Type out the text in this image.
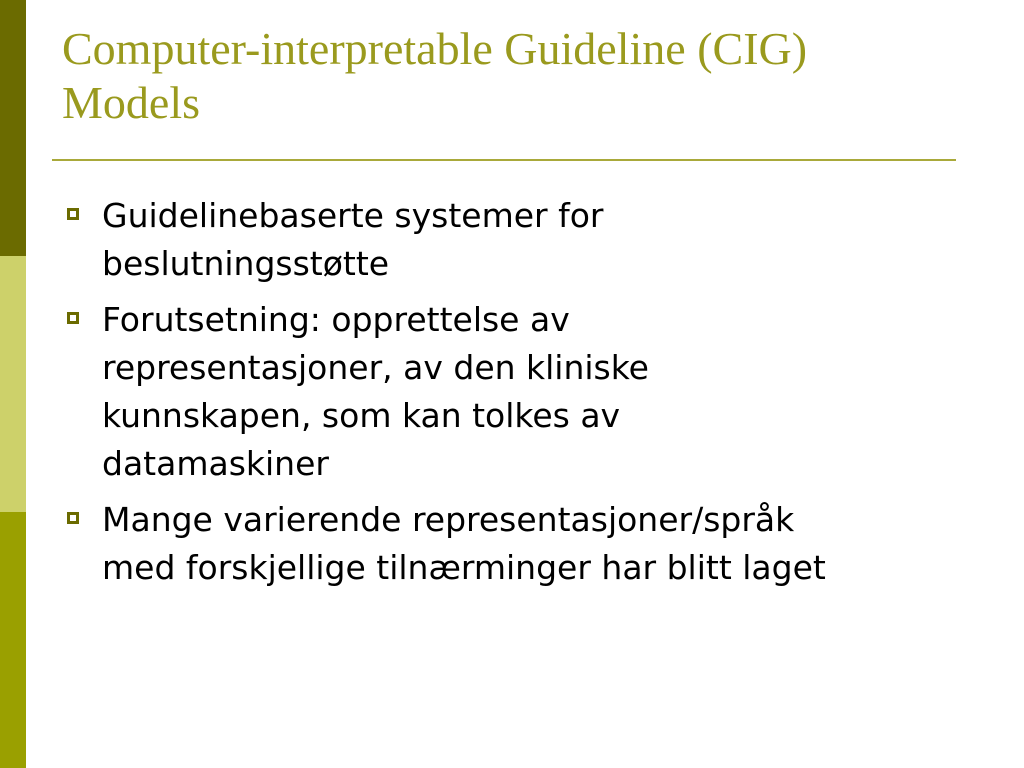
Computer-interpretable Guideline (CIG)
Models
Guidelinebaserte systemer for
beslutningsstøtte
Forutsetning: opprettelse av
representasjoner, av den kliniske
kunnskapen, som kan tolkes av
datamaskiner
Mange varierende representasjoner/språk
med forskjellige tilnærminger har blitt laget
